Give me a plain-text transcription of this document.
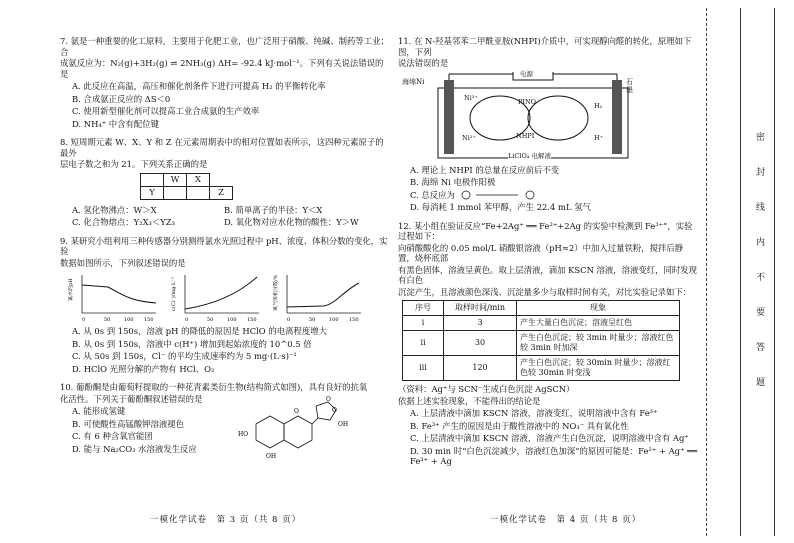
7. 氨是一种重要的化工原料，主要用于化肥工业，也广泛用于硝酸、纯碱、制药等工业；合
成氨反应为：N₂(g)+3H₂(g) ⇌ 2NH₃(g) ΔH= -92.4 kJ·mol⁻¹。下列有关说法错误的是
A. 此反应在高温，高压和催化剂条件下进行可提高 H₂ 的平衡转化率
B. 合成氨正反应的 ΔS＜0
C. 使用新型催化剂可以提高工业合成氨的生产效率
D. NH₄⁺ 中含有配位键
8. 短周期元素 W、X、Y 和 Z 在元素周期表中的相对位置如表所示，这四种元素原子的最外
层电子数之和为 21。下列关系正确的是
	W	X	
Y			Z
A. 氢化物沸点：W＞X	B. 简单离子的半径：Y＜X
C. 化合物熔点：Y₂X₃＜YZ₃	D. 氧化物对应水化物的酸性：Y＞W
9. 某研究小组利用三种传感器分别测得氯水光照过程中 pH、浓度、体积分数的变化，实验
数据如图所示，下列叙述错误的是
氯水的pH
0	50	100 150

c(Cl⁻)/mg·L⁻¹
0	50	100 150

氧气体积分数/%
0	50	100 150
A. 从 0s 到 150s，溶液 pH 的降低的原因是 HClO 的电离程度增大
B. 从 0s 到 150s，溶液中 c(H⁺) 增加到起始浓度的 10^0.5 倍
C. 从 50s 到 150s，Cl⁻ 的平均生成速率约为 5 mg·(L·s)⁻¹
D. HClO 光照分解的产物有 HCl、O₂
10. 葡酚酮是由葡萄籽提取的一种花青素类衍生物(结构简式如图)，具有良好的抗氧
化活性。下列关于葡酚酮叙述错误的是
A. 能形成氢键
B. 可使酸性高锰酸钾溶液褪色
C. 有 6 种含氧官能团
D. 能与 Na₂CO₃ 水溶液发生反应
HO
OH
O
O
OH
O
一模化学试卷　第 3 页（共 8 页）
11. 在 N-羟基邻苯二甲酰亚胺(NHPI)介质中，可实现醇向醛的转化，原理如下图，下列
说法错误的是
海绵Ni	石墨
电源
Ni³⁺
Ni²⁺
PINO
NHPI
H₂
H⁺
LiClO₄ 电解液
A. 理论上 NHPI 的总量在反应前后不变
B. 海绵 Ni 电极作阳极
C. 总反应为
D. 每消耗 1 mmol 苯甲醇，产生 22.4 mL 氢气
12. 某小组在验证反应“Fe+2Ag⁺ ══ Fe²⁺+2Ag 的实验中检测到 Fe³⁺”，实验过程如下：
向硝酸酸化的 0.05 mol/L 硝酸银溶液（pH≈2）中加入过量铁粉，搅拌后静置，烧杯底部
有黑色固体，溶液呈黄色。取上层清液，滴加 KSCN 溶液，溶液变红，同时发现有白色
沉淀产生，且溶液颜色深浅、沉淀量多少与取样时间有关，对比实验记录如下：
序号	取样时间/min	现象
ⅰ	3	产生大量白色沉淀；溶液呈红色
ⅱ	30	产生白色沉淀；较 3min 时量少；溶液红色较 3min 时加深
ⅲ	120	产生白色沉淀；较 30min 时量少；溶液红色较 30min 时变浅
（资料：Ag⁺与 SCN⁻生成白色沉淀 AgSCN）
依据上述实验现象，不能得出的结论是
A. 上层清液中滴加 KSCN 溶液，溶液变红，说明溶液中含有 Fe³⁺
B. Fe³⁺ 产生的原因是由于酸性溶液中的 NO₃⁻ 具有氧化性
C. 上层清液中滴加 KSCN 溶液，溶液产生白色沉淀，说明溶液中含有 Ag⁺
D. 30 min 时“白色沉淀减少，溶液红色加深”的原因可能是：Fe²⁺ + Ag⁺ ══ Fe³⁺ + Ag
一模化学试卷　第 4 页（共 8 页）
密
封
线
内
不
要
答
题
